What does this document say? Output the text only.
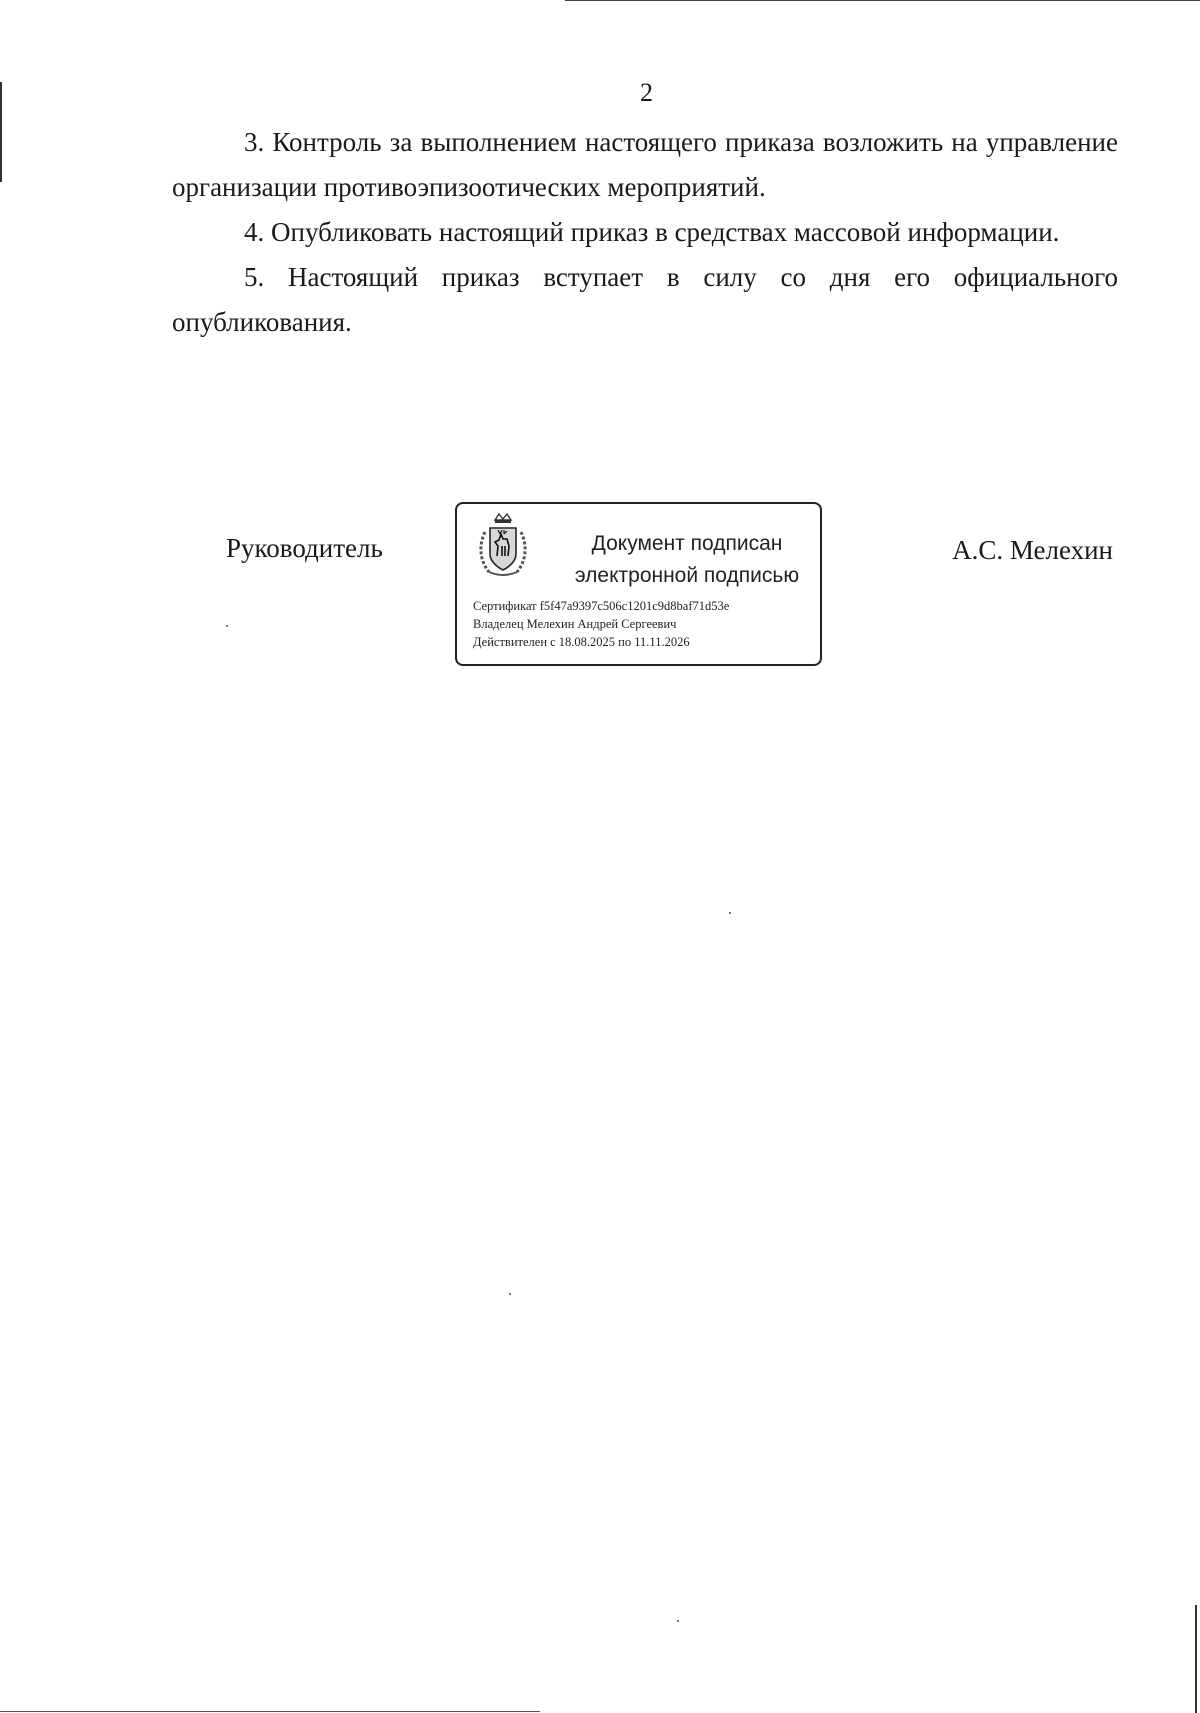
2

3. Контроль за выполнением настоящего приказа возложить на управление организации противоэпизоотических мероприятий.

4. Опубликовать настоящий приказ в средствах массовой информации.

5. Настоящий приказ вступает в силу со дня его официального опубликования.

Руководитель	Документ подписан
электронной подписью
Сертификат f5f47a9397c506c1201c9d8baf71d53e
Владелец Мелехин Андрей Сергеевич
Действителен с 18.08.2025 по 11.11.2026
А.С. Мелехин
